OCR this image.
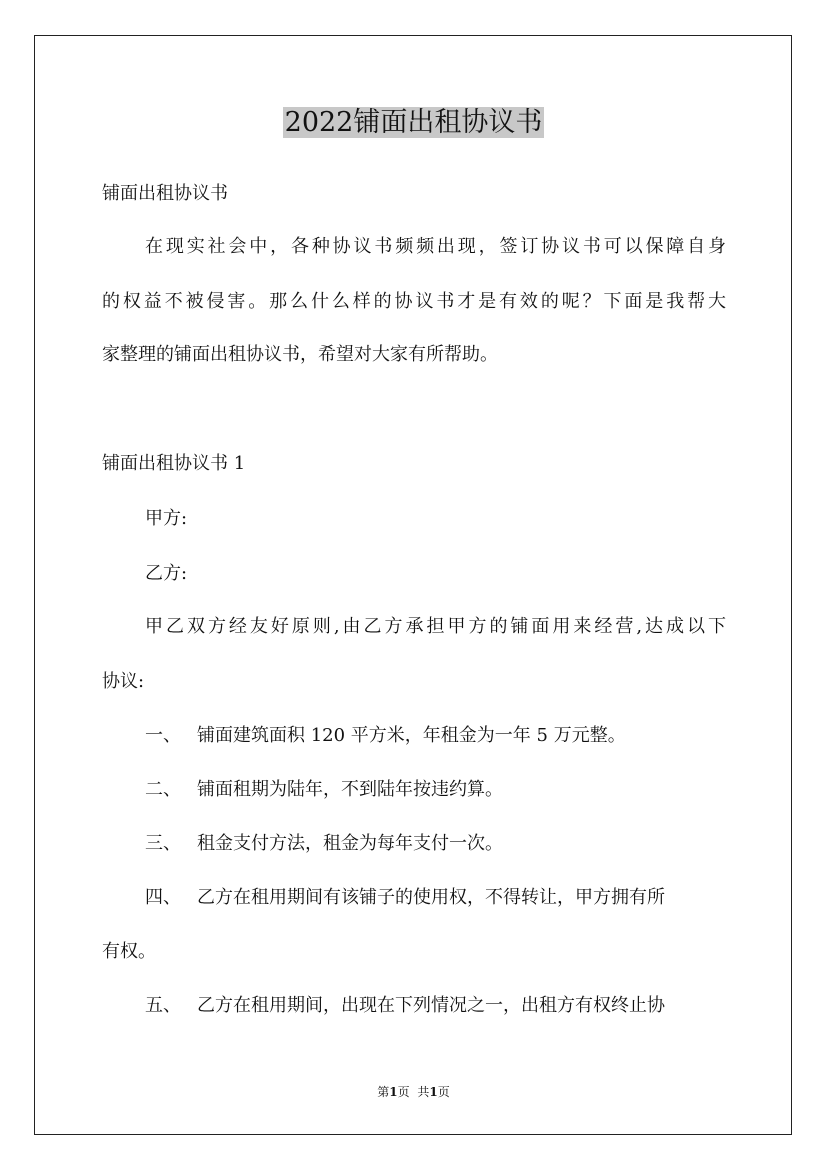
2022铺面出租协议书
铺面出租协议书
在现实社会中，各种协议书频频出现，签订协议书可以保障自身
的权益不被侵害。那么什么样的协议书才是有效的呢？下面是我帮大
家整理的铺面出租协议书，希望对大家有所帮助。
铺面出租协议书 1
甲方:
乙方:
甲乙双方经友好原则,由乙方承担甲方的铺面用来经营,达成以下
协议:
一、 铺面建筑面积 120 平方米，年租金为一年 5 万元整。
二、 铺面租期为陆年，不到陆年按违约算。
三、 租金支付方法，租金为每年支付一次。
四、 乙方在租用期间有该铺子的使用权，不得转让，甲方拥有所
有权。
五、 乙方在租用期间，出现在下列情况之一，出租方有权终止协
第1页 共1页
